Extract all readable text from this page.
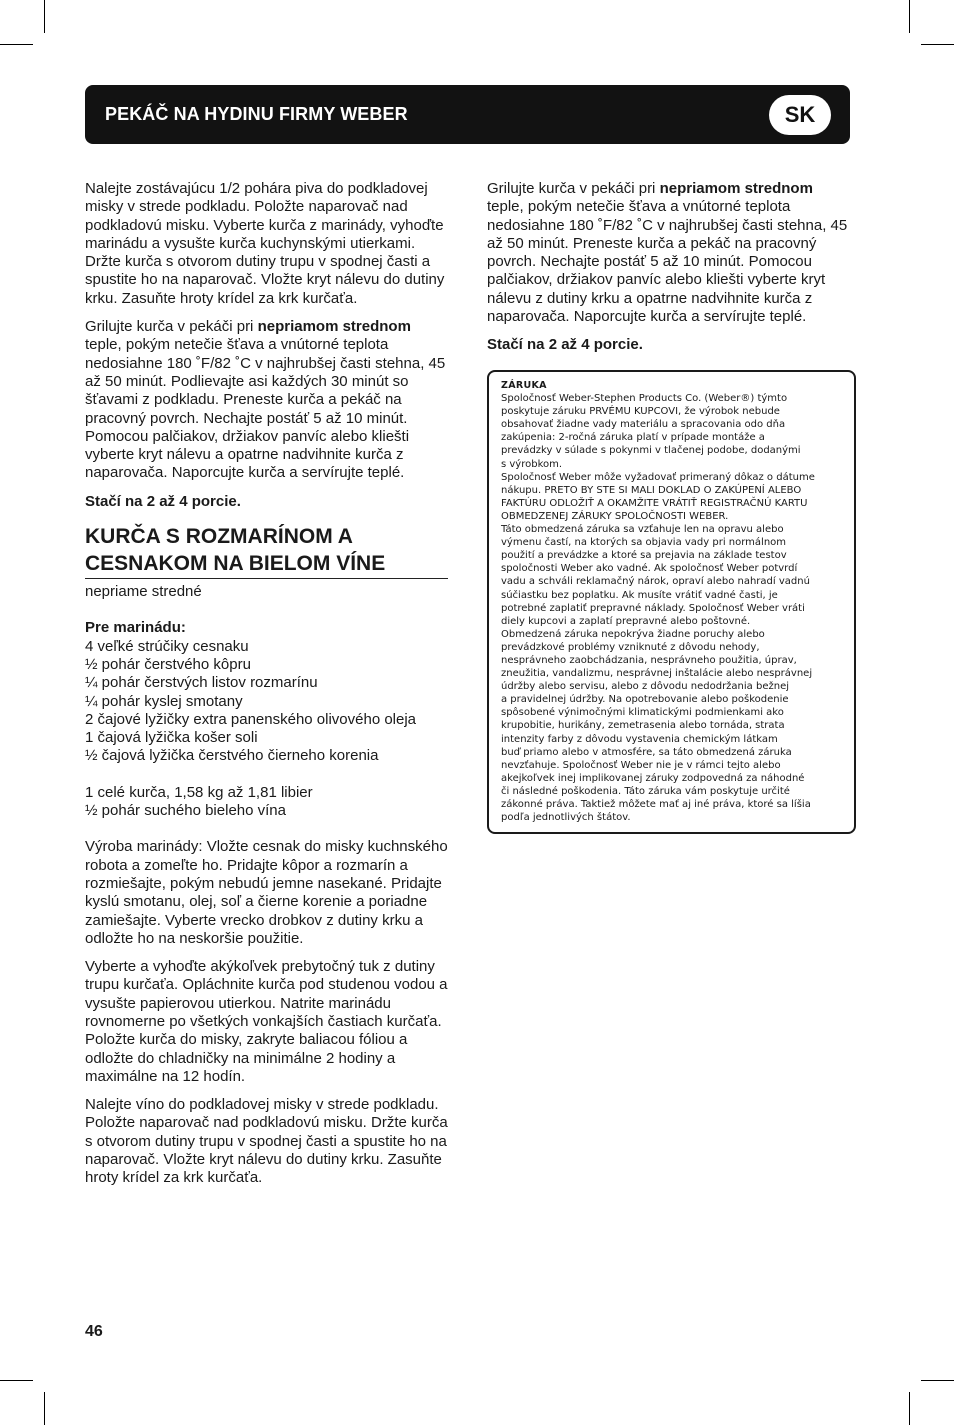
PEKÁČ NA HYDINU FIRMY WEBER	SK

Nalejte zostávajúcu 1/2 pohára piva do podkladovej misky v strede podkladu. Položte naparovač nad podkladovú misku. Vyberte kurča z marinády, vyhoďte marinádu a vysušte kurča kuchynskými utierkami. Držte kurča s otvorom dutiny trupu v spodnej časti a spustite ho na naparovač. Vložte kryt nálevu do dutiny krku. Zasuňte hroty krídel za krk kurčaťa.

Grilujte kurča v pekáči pri nepriamom strednom teple, pokým netečie šťava a vnútorné teplota nedosiahne 180 ˚F/82 ˚C v najhrubšej časti stehna, 45 až 50 minút. Podlievajte asi každých 30 minút so šťavami z podkladu. Preneste kurča a pekáč na pracovný povrch. Nechajte postáť 5 až 10 minút. Pomocou palčiakov, držiakov panvíc alebo kliešti vyberte kryt nálevu a opatrne nadvihnite kurča z naparovača. Naporcujte kurča a servírujte teplé.

Stačí na 2 až 4 porcie.

KURČA S ROZMARÍNOM A CESNAKOM NA BIELOM VÍNE
nepriame stredné
Pre marinádu:
4 veľké strúčiky cesnaku
½ pohár čerstvého kôpru
¼ pohár čerstvých listov rozmarínu
¼ pohár kyslej smotany
2 čajové lyžičky extra panenského olivového oleja
1 čajová lyžička košer soli
½ čajová lyžička čerstvého čierneho korenia
1 celé kurča, 1,58 kg až 1,81 libier
½ pohár suchého bieleho vína

Výroba marinády: Vložte cesnak do misky kuchnského robota a zomeľte ho. Pridajte kôpor a rozmarín a rozmiešajte, pokým nebudú jemne nasekané. Pridajte kyslú smotanu, olej, soľ a čierne korenie a poriadne zamiešajte. Vyberte vrecko drobkov z dutiny krku a odložte ho na neskoršie použitie.

Vyberte a vyhoďte akýkoľvek prebytočný tuk z dutiny trupu kurčaťa. Opláchnite kurča pod studenou vodou a vysušte papierovou utierkou. Natrite marinádu rovnomerne po všetkých vonkajších častiach kurčaťa. Položte kurča do misky, zakryte baliacou fóliou a odložte do chladničky na minimálne 2 hodiny a maximálne na 12 hodín.

Nalejte víno do podkladovej misky v strede podkladu. Položte naparovač nad podkladovú misku. Držte kurča s otvorom dutiny trupu v spodnej časti a spustite ho na naparovač. Vložte kryt nálevu do dutiny krku. Zasuňte hroty krídel za krk kurčaťa.

Grilujte kurča v pekáči pri nepriamom strednom teple, pokým netečie šťava a vnútorné teplota nedosiahne 180 ˚F/82 ˚C v najhrubšej časti stehna, 45 až 50 minút. Preneste kurča a pekáč na pracovný povrch. Nechajte postáť 5 až 10 minút. Pomocou palčiakov, držiakov panvíc alebo kliešti vyberte kryt nálevu z dutiny krku a opatrne nadvihnite kurča z naparovača. Naporcujte kurča a servírujte teplé.

Stačí na 2 až 4 porcie.

ZÁRUKA
Spoločnosť Weber-Stephen Products Co. (Weber®) týmto
poskytuje záruku PRVÉMU KUPCOVI, že výrobok nebude
obsahovať žiadne vady materiálu a spracovania odo dňa
zakúpenia: 2-ročná záruka platí v prípade montáže a
prevádzky v súlade s pokynmi v tlačenej podobe, dodanými
s výrobkom.
Spoločnosť Weber môže vyžadovať primeraný dôkaz o dátume
nákupu. PRETO BY STE SI MALI DOKLAD O ZAKÚPENÍ ALEBO
FAKTÚRU ODLOŽIŤ A OKAMŽITE VRÁTIŤ REGISTRAČNÚ KARTU
OBMEDZENEJ ZÁRUKY SPOLOČNOSTI WEBER.
Táto obmedzená záruka sa vzťahuje len na opravu alebo
výmenu častí, na ktorých sa objavia vady pri normálnom
použití a prevádzke a ktoré sa prejavia na základe testov
spoločnosti Weber ako vadné. Ak spoločnosť Weber potvrdí
vadu a schváli reklamačný nárok, opraví alebo nahradí vadnú
súčiastku bez poplatku. Ak musíte vrátiť vadné časti, je
potrebné zaplatiť prepravné náklady. Spoločnosť Weber vráti
diely kupcovi a zaplatí prepravné alebo poštovné.
Obmedzená záruka nepokrýva žiadne poruchy alebo
prevádzkové problémy vzniknuté z dôvodu nehody,
nesprávneho zaobchádzania, nesprávneho použitia, úprav,
zneužitia, vandalizmu, nesprávnej inštalácie alebo nesprávnej
údržby alebo servisu, alebo z dôvodu nedodržania bežnej
a pravidelnej údržby. Na opotrebovanie alebo poškodenie
spôsobené výnimočnými klimatickými podmienkami ako
krupobitie, hurikány, zemetrasenia alebo tornáda, strata
intenzity farby z dôvodu vystavenia chemickým látkam
buď priamo alebo v atmosfére, sa táto obmedzená záruka
nevzťahuje. Spoločnosť Weber nie je v rámci tejto alebo
akejkoľvek inej implikovanej záruky zodpovedná za náhodné
či následné poškodenia. Táto záruka vám poskytuje určité
zákonné práva. Taktiež môžete mať aj iné práva, ktoré sa líšia
podľa jednotlivých štátov.
46
